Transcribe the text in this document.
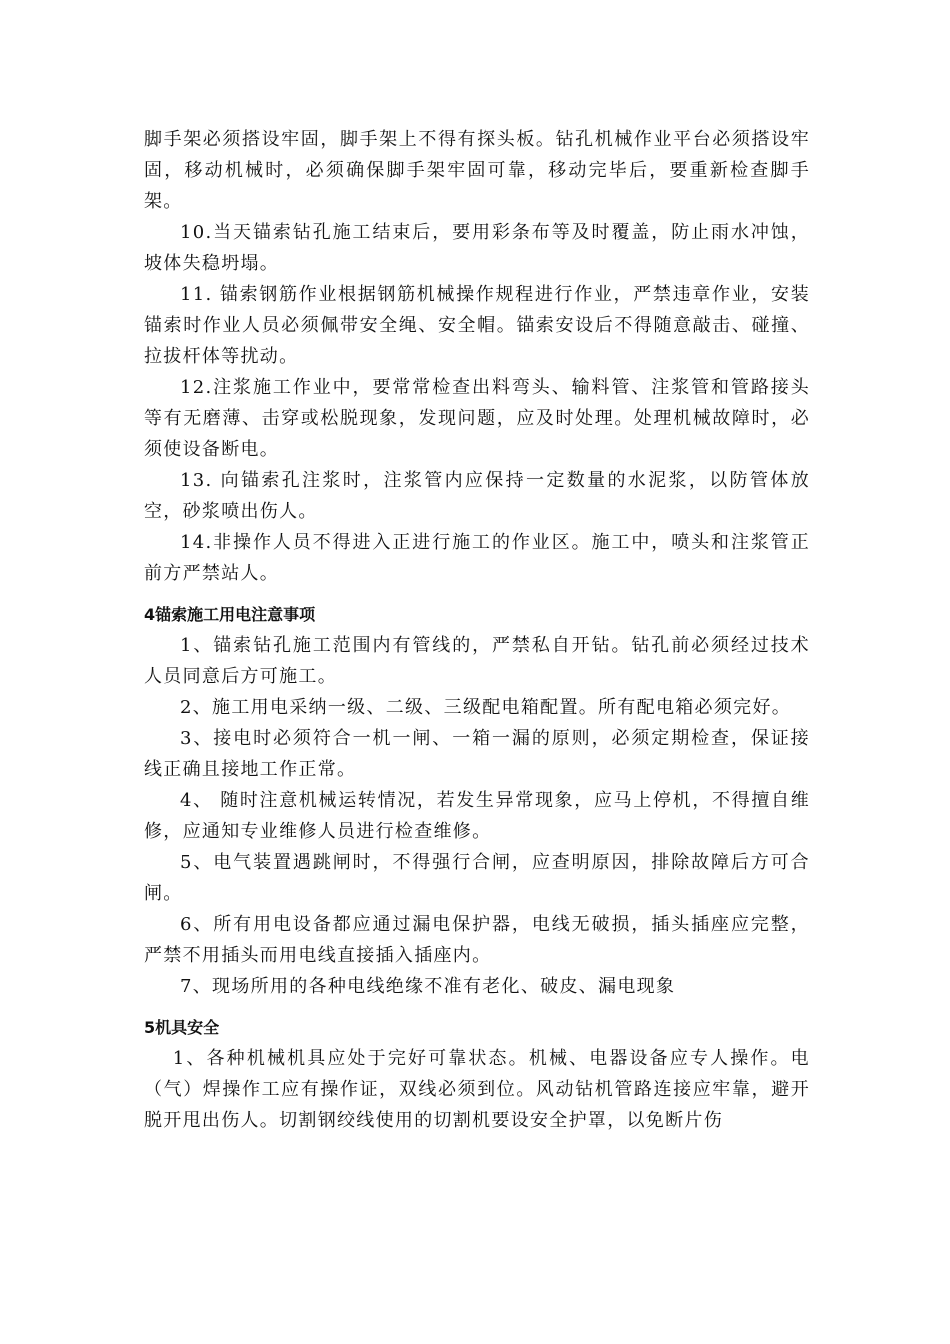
脚手架必须搭设牢固，脚手架上不得有探头板。钻孔机械作业平台必须搭设牢固，移动机械时，必须确保脚手架牢固可靠，移动完毕后，要重新检查脚手架。

10.当天锚索钻孔施工结束后，要用彩条布等及时覆盖，防止雨水冲蚀，坡体失稳坍塌。

11. 锚索钢筋作业根据钢筋机械操作规程进行作业，严禁违章作业，安装锚索时作业人员必须佩带安全绳、安全帽。锚索安设后不得随意敲击、碰撞、拉拔杆体等扰动。

12.注浆施工作业中，要常常检查出料弯头、输料管、注浆管和管路接头等有无磨薄、击穿或松脱现象，发现问题，应及时处理。处理机械故障时，必须使设备断电。

13. 向锚索孔注浆时，注浆管内应保持一定数量的水泥浆，以防管体放空，砂浆喷出伤人。

14.非操作人员不得进入正进行施工的作业区。施工中，喷头和注浆管正前方严禁站人。

4锚索施工用电注意事项

1、锚索钻孔施工范围内有管线的，严禁私自开钻。钻孔前必须经过技术人员同意后方可施工。

2、施工用电采纳一级、二级、三级配电箱配置。所有配电箱必须完好。

3、接电时必须符合一机一闸、一箱一漏的原则，必须定期检查，保证接线正确且接地工作正常。

4、 随时注意机械运转情况，若发生异常现象，应马上停机，不得擅自维修，应通知专业维修人员进行检查维修。

5、电气装置遇跳闸时，不得强行合闸，应查明原因，排除故障后方可合闸。

6、所有用电设备都应通过漏电保护器，电线无破损，插头插座应完整，严禁不用插头而用电线直接插入插座内。

7、现场所用的各种电线绝缘不准有老化、破皮、漏电现象

5机具安全

1、各种机械机具应处于完好可靠状态。机械、电器设备应专人操作。电（气）焊操作工应有操作证，双线必须到位。风动钻机管路连接应牢靠，避开脱开甩出伤人。切割钢绞线使用的切割机要设安全护罩，以免断片伤
